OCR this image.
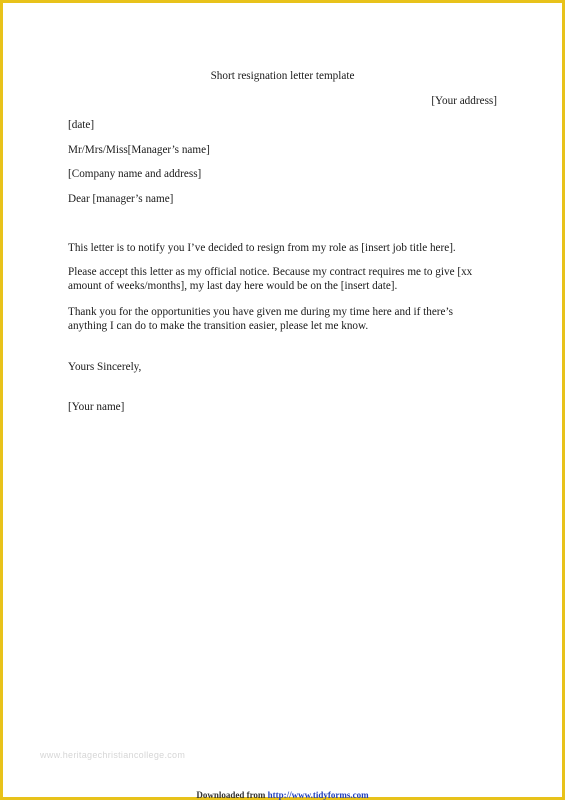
Short resignation letter template
[Your address]
[date]
Mr/Mrs/Miss[Manager’s name]
[Company name and address]
Dear [manager’s name]
This letter is to notify you I’ve decided to resign from my role as [insert job title here].
Please accept this letter as my official notice. Because my contract requires me to give [xx amount of weeks/months], my last day here would be on the [insert date].
Thank you for the opportunities you have given me during my time here and if there’s anything I can do to make the transition easier, please let me know.
Yours Sincerely,
[Your name]
www.heritagechristiancollege.com
Downloaded from http://www.tidyforms.com
